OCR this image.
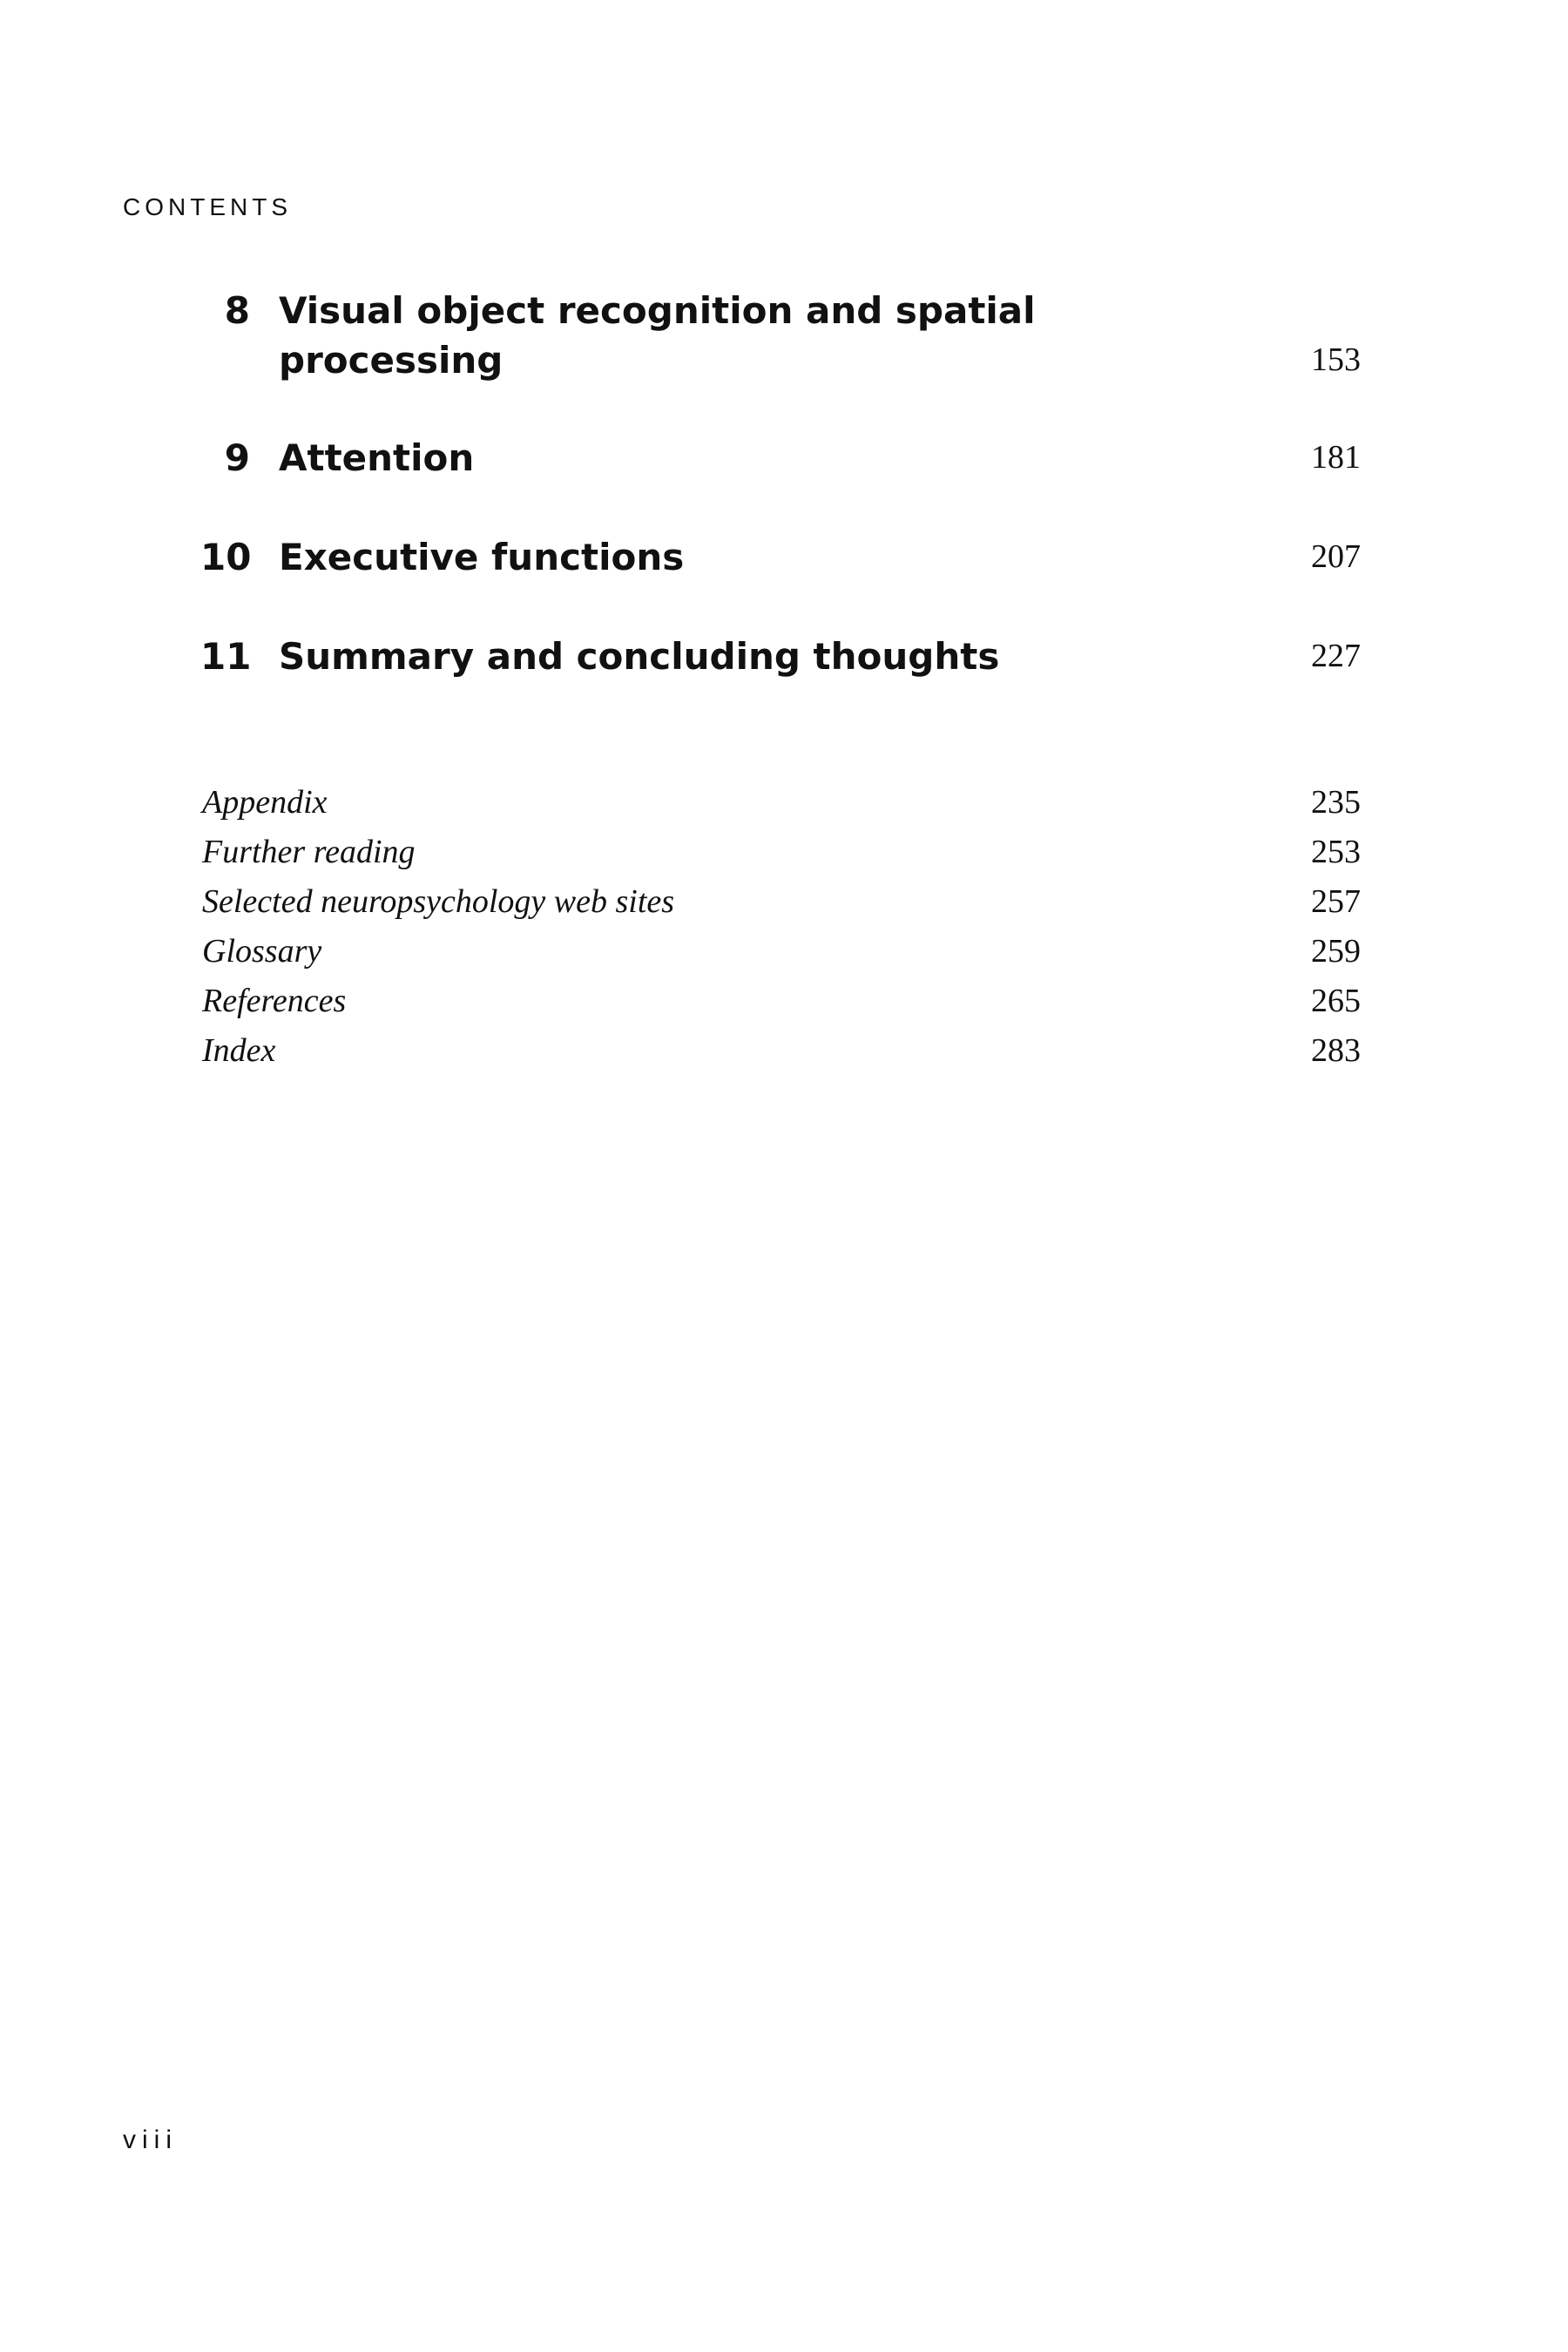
CONTENTS
8 Visual object recognition and spatial processing	153
9 Attention	181
10 Executive functions	207
11 Summary and concluding thoughts	227
Appendix	235
Further reading	253
Selected neuropsychology web sites	257
Glossary	259
References	265
Index	283
viii
